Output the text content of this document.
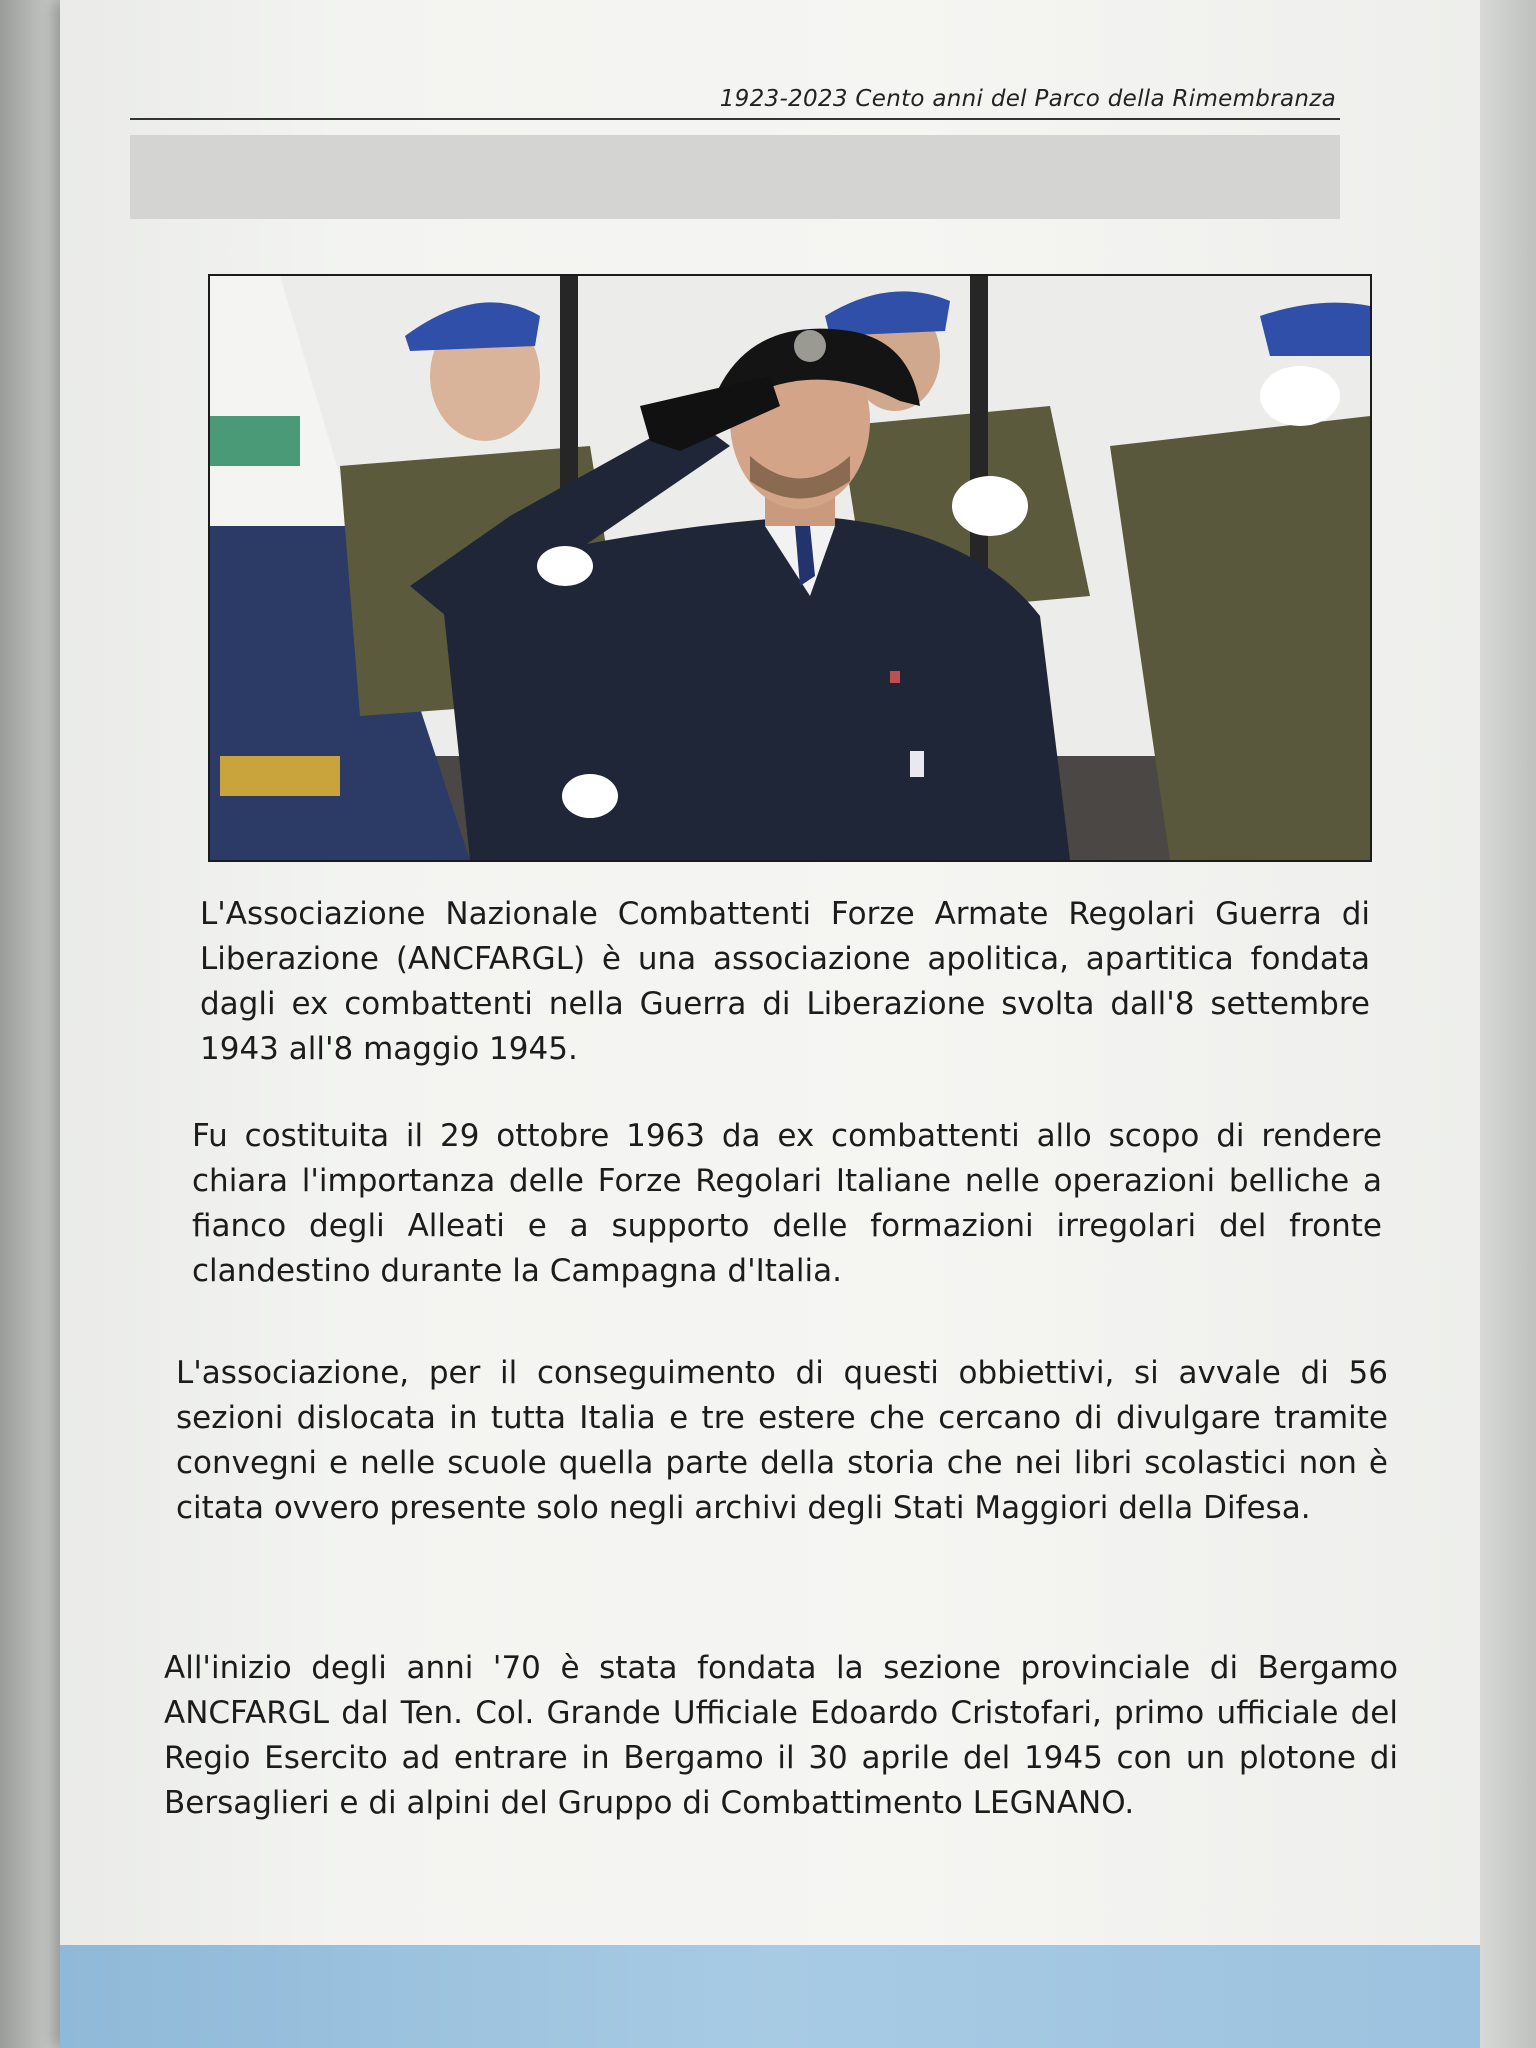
1923-2023 Cento anni del Parco della Rimembranza
L'Associazione Nazionale Combattenti Forze Armate Regolari Guerra di Liberazione (ANCFARGL) è una associazione apolitica, apartitica fondata dagli ex combattenti nella Guerra di Liberazione svolta dall'8 settembre 1943 all'8 maggio 1945.
Fu costituita il 29 ottobre 1963 da ex combattenti allo scopo di rendere chiara l'importanza delle Forze Regolari Italiane nelle operazioni belliche a fianco degli Alleati e a supporto delle formazioni irregolari del fronte clandestino durante la Campagna d'Italia.
L'associazione, per il conseguimento di questi obbiettivi, si avvale di 56 sezioni dislocata in tutta Italia e tre estere che cercano di divulgare tramite convegni e nelle scuole quella parte della storia che nei libri scolastici non è citata ovvero presente solo negli archivi degli Stati Maggiori della Difesa.
All'inizio degli anni '70 è stata fondata la sezione provinciale di Bergamo ANCFARGL dal Ten. Col. Grande Ufficiale Edoardo Cristofari, primo ufficiale del Regio Esercito ad entrare in Bergamo il 30 aprile del 1945 con un plotone di Bersaglieri e di alpini del Gruppo di Combattimento LEGNANO.
